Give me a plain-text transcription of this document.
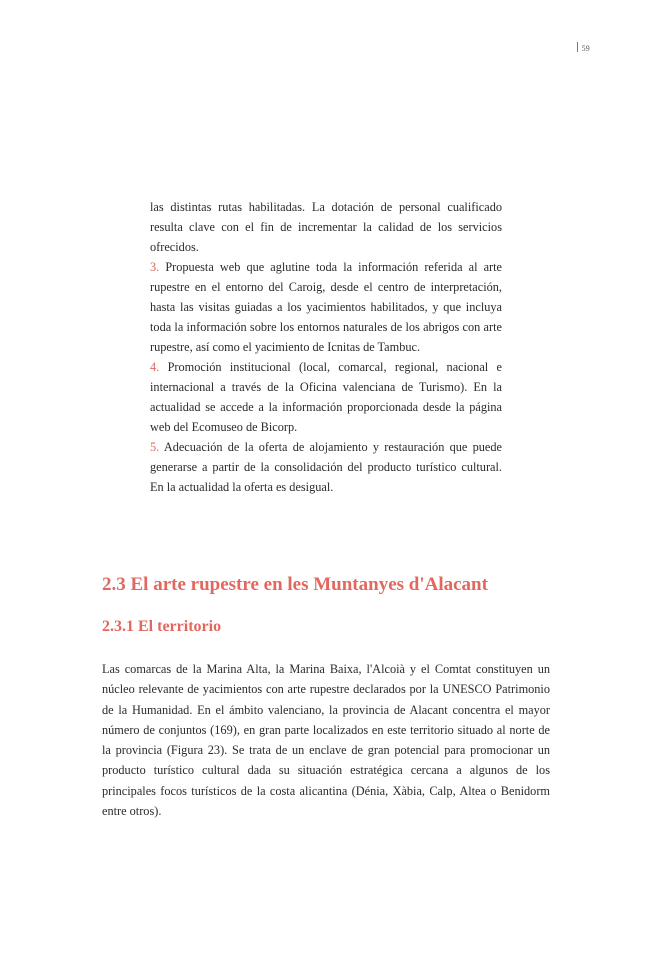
59

las distintas rutas habilitadas. La dotación de personal cualificado resulta clave con el fin de incrementar la calidad de los servicios ofrecidos.

3. Propuesta web que aglutine toda la información referida al arte rupestre en el entorno del Caroig, desde el centro de interpretación, hasta las visitas guiadas a los yacimientos habilitados, y que incluya toda la información sobre los entornos naturales de los abrigos con arte rupestre, así como el yacimiento de Icnitas de Tambuc.

4. Promoción institucional (local, comarcal, regional, nacional e internacional a través de la Oficina valenciana de Turismo). En la actualidad se accede a la información proporcionada desde la página web del Ecomuseo de Bicorp.

5. Adecuación de la oferta de alojamiento y restauración que puede generarse a partir de la consolidación del producto turístico cultural. En la actualidad la oferta es desigual.

2.3 El arte rupestre en les Muntanyes d'Alacant
2.3.1 El territorio

Las comarcas de la Marina Alta, la Marina Baixa, l'Alcoià y el Comtat constituyen un núcleo relevante de yacimientos con arte rupestre declarados por la UNESCO Patrimonio de la Humanidad. En el ámbito valenciano, la provincia de Alacant concentra el mayor número de conjuntos (169), en gran parte localizados en este territorio situado al norte de la provincia (Figura 23). Se trata de un enclave de gran potencial para promocionar un producto turístico cultural dada su situación estratégica cercana a algunos de los principales focos turísticos de la costa alicantina (Dénia, Xàbia, Calp, Altea o Benidorm entre otros).
